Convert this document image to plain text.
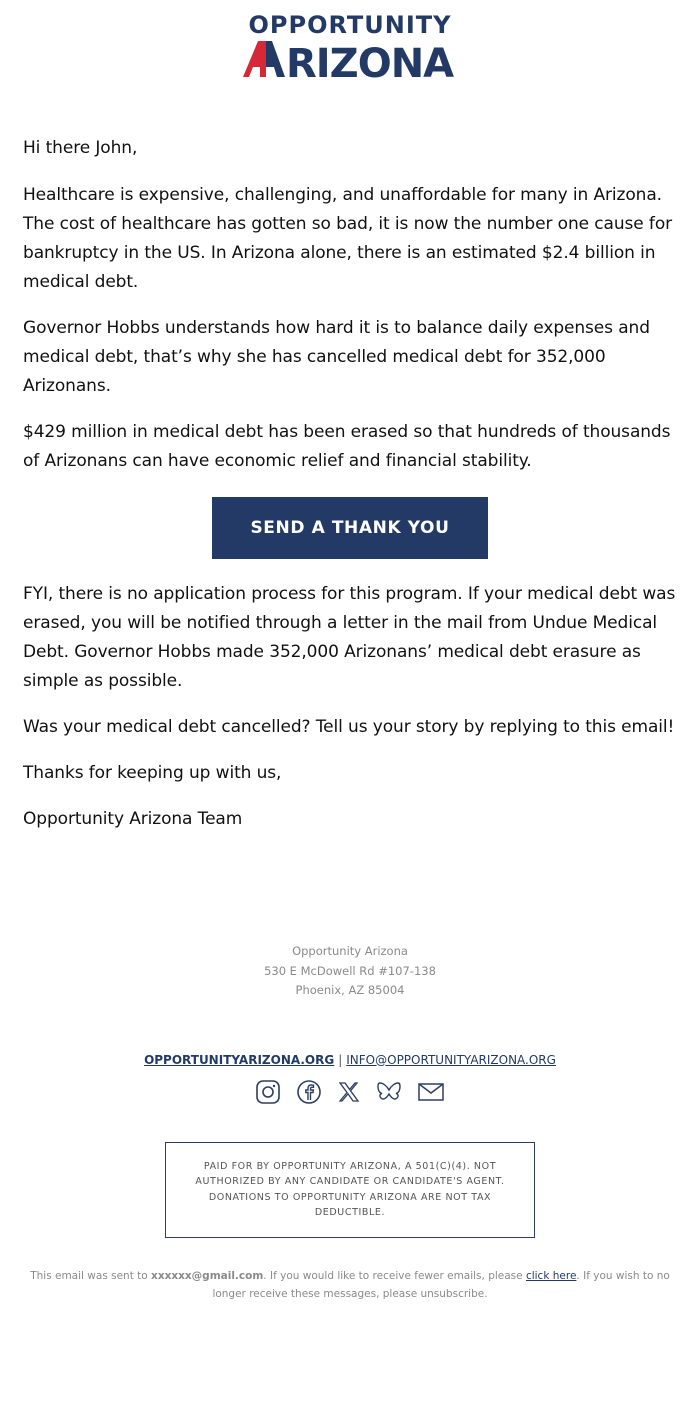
OPPORTUNITY
RIZONA

Hi there John,

Healthcare is expensive, challenging, and unaffordable for many in Arizona. The cost of healthcare has gotten so bad, it is now the number one cause for bankruptcy in the US. In Arizona alone, there is an estimated $2.4 billion in medical debt.

Governor Hobbs understands how hard it is to balance daily expenses and medical debt, that’s why she has cancelled medical debt for 352,000 Arizonans.

$429 million in medical debt has been erased so that hundreds of thousands of Arizonans can have economic relief and financial stability.

SEND A THANK YOU

FYI, there is no application process for this program. If your medical debt was erased, you will be notified through a letter in the mail from Undue Medical Debt. Governor Hobbs made 352,000 Arizonans’ medical debt erasure as simple as possible.

Was your medical debt cancelled? Tell us your story by replying to this email!

Thanks for keeping up with us,

Opportunity Arizona Team

Opportunity Arizona
530 E McDowell Rd #107-138
Phoenix, AZ 85004
OPPORTUNITYARIZONA.ORG | INFO@OPPORTUNITYARIZONA.ORG

PAID FOR BY OPPORTUNITY ARIZONA, A 501(C)(4). NOT AUTHORIZED BY ANY CANDIDATE OR CANDIDATE'S AGENT. DONATIONS TO OPPORTUNITY ARIZONA ARE NOT TAX DEDUCTIBLE.
This email was sent to xxxxxx@gmail.com. If you would like to receive fewer emails, please click here. If you wish to no longer receive these messages, please unsubscribe.
